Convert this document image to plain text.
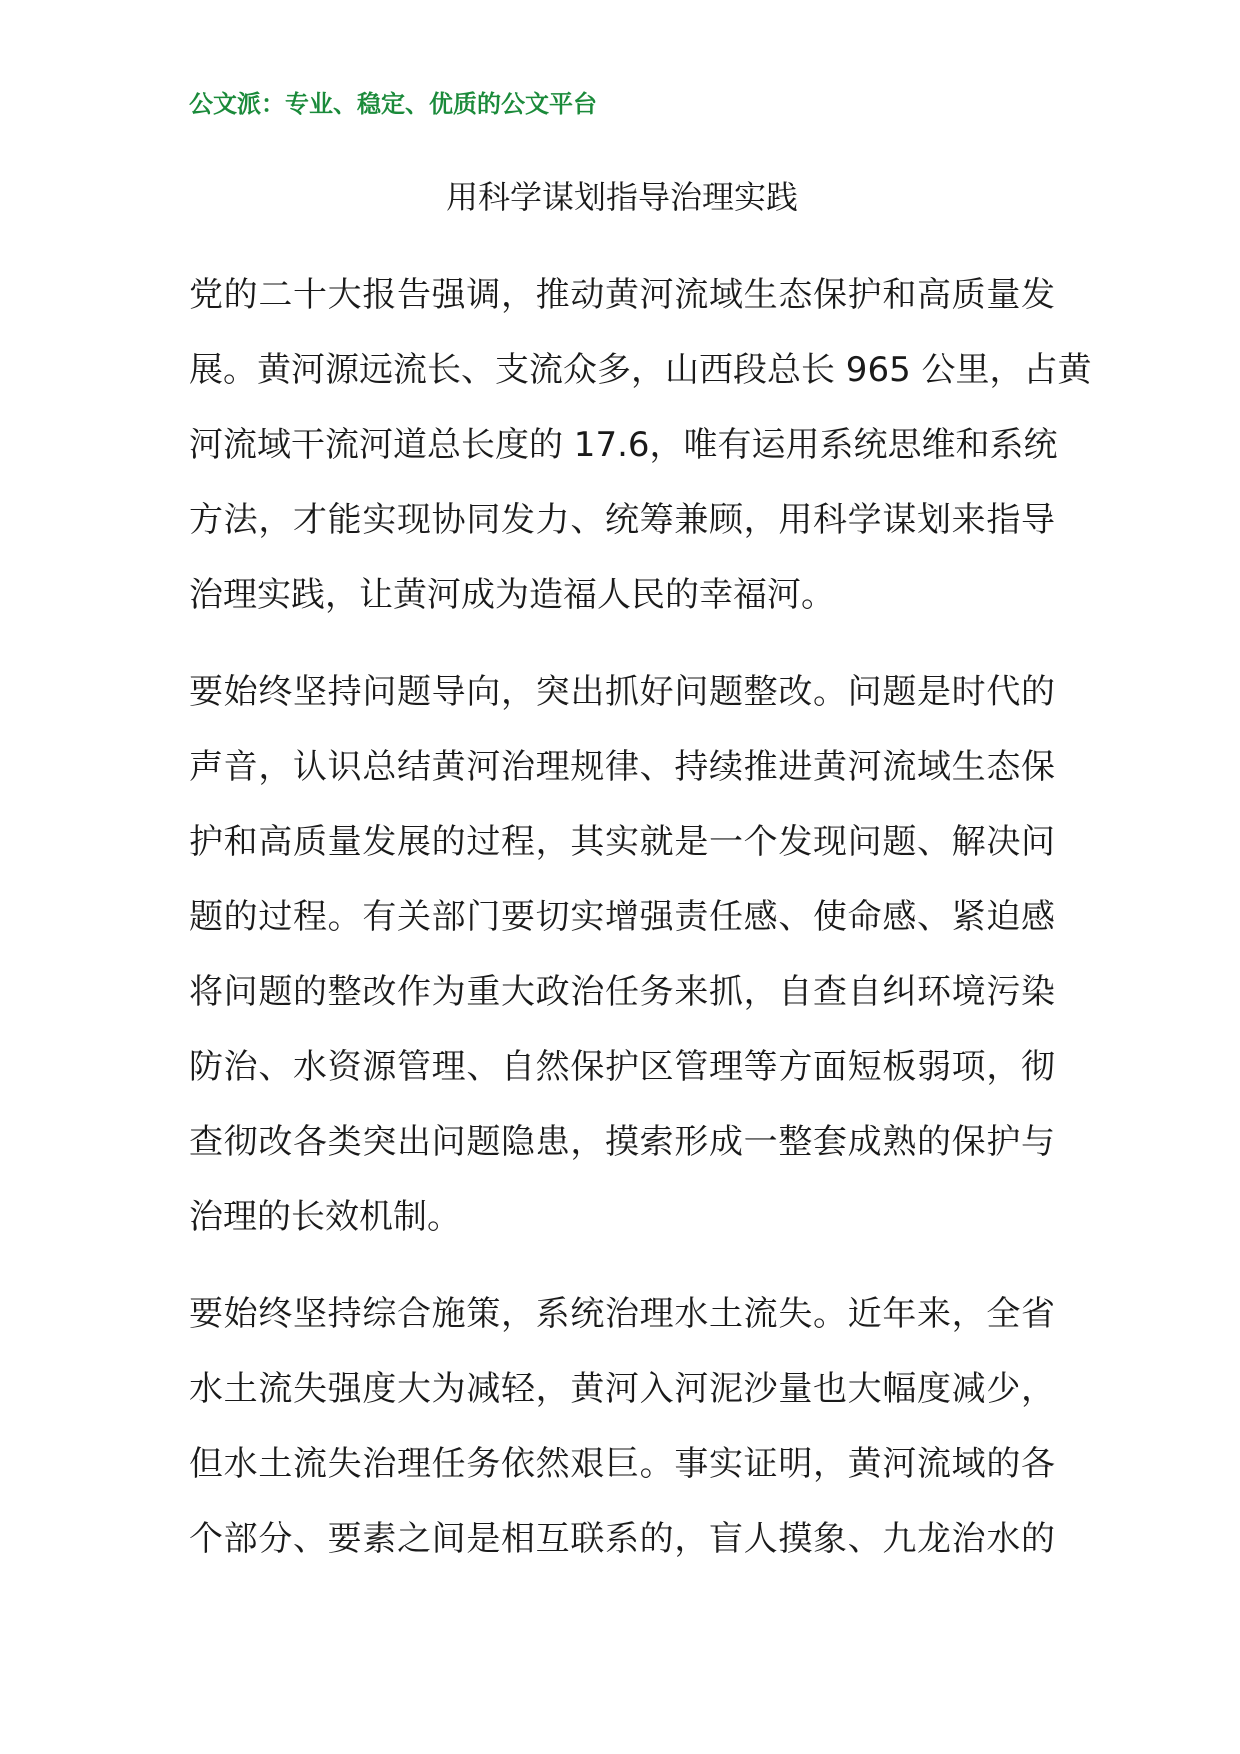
公文派：专业、稳定、优质的公文平台
用科学谋划指导治理实践
党的二十大报告强调，推动黄河流域生态保护和高质量发
展。黄河源远流长、支流众多，山西段总长 965 公里，占黄
河流域干流河道总长度的 17.6，唯有运用系统思维和系统
方法，才能实现协同发力、统筹兼顾，用科学谋划来指导
治理实践，让黄河成为造福人民的幸福河。
要始终坚持问题导向，突出抓好问题整改。问题是时代的
声音，认识总结黄河治理规律、持续推进黄河流域生态保
护和高质量发展的过程，其实就是一个发现问题、解决问
题的过程。有关部门要切实增强责任感、使命感、紧迫感
将问题的整改作为重大政治任务来抓，自查自纠环境污染
防治、水资源管理、自然保护区管理等方面短板弱项，彻
查彻改各类突出问题隐患，摸索形成一整套成熟的保护与
治理的长效机制。
要始终坚持综合施策，系统治理水土流失。近年来，全省
水土流失强度大为减轻，黄河入河泥沙量也大幅度减少，
但水土流失治理任务依然艰巨。事实证明，黄河流域的各
个部分、要素之间是相互联系的，盲人摸象、九龙治水的
